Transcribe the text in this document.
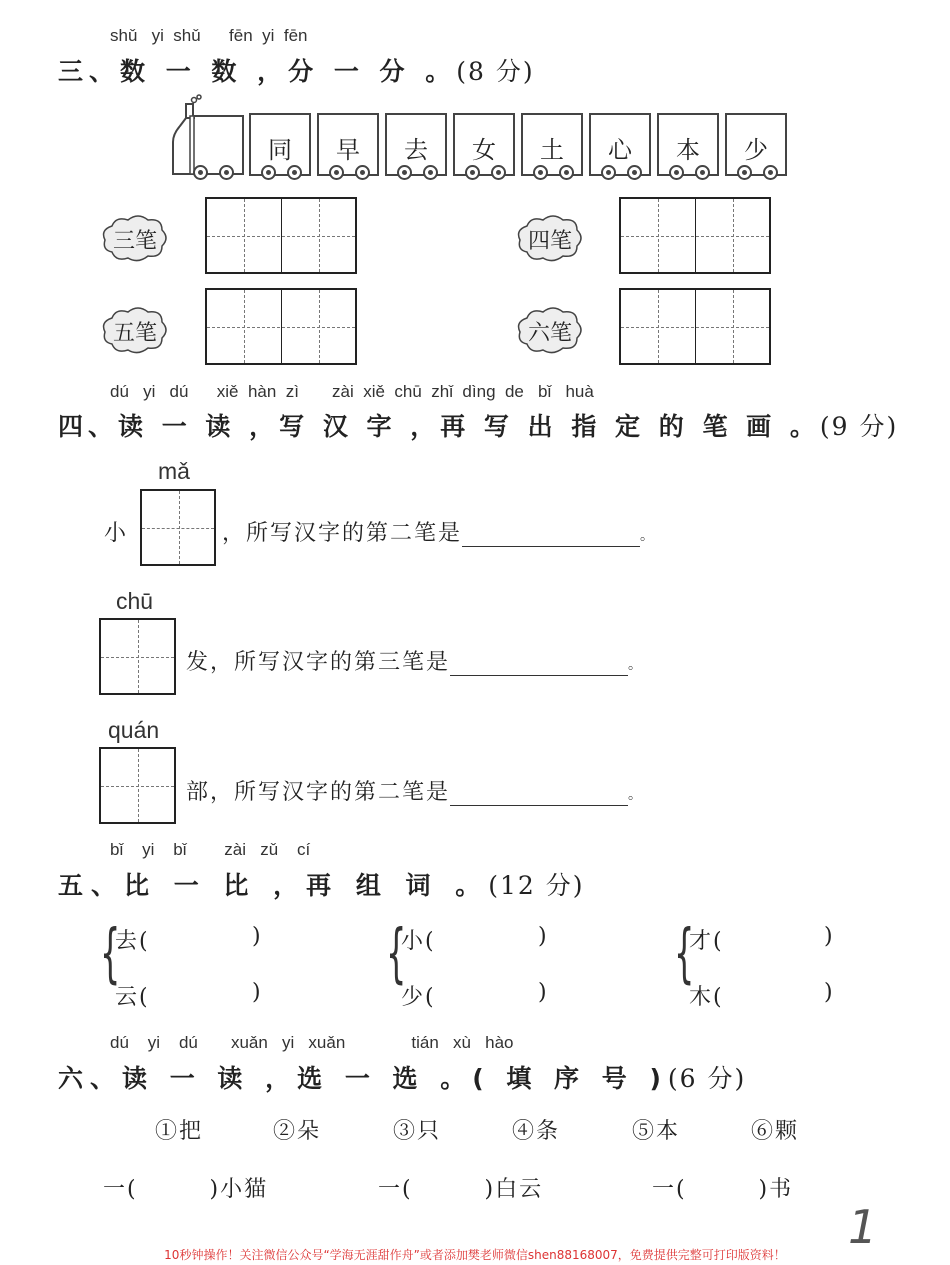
shǔ   yi  shǔ      fēn  yi  fēn
三、数 一 数 ，分 一 分 。(8 分)
同	早	去	女	土	心	本	少
三笔	四笔
五笔	六笔
dú   yi   dú      xiě  hàn  zì       zài  xiě  chū  zhǐ  dìng  de   bǐ   huà
四、读 一 读 ，写 汉 字 ，再 写 出 指 定 的 笔 画 。(9 分)
mǎ
小	，所写汉字的第二笔是	。
chū
发，所写汉字的第三笔是	。
quán
部，所写汉字的第二笔是	。
bǐ    yi    bǐ        zài   zǔ    cí
五、比 一 比 ，再 组 词 。(12 分)
{
去(	)
云(	)
{
小(	)
少(	)
{
才(	)
木(	)
dú    yi    dú       xuǎn   yi   xuǎn              tián   xù   hào
六、读 一 读 ，选 一 选 。( 填 序 号 )(6 分)
①把	②朵	③只	④条	⑤本	⑥颗
一(        )小猫	一(        )白云	一(        )书
1
10秒钟操作！关注微信公众号“学海无涯甜作舟”或者添加樊老师微信shen88168007，免费提供完整可打印版资料！
